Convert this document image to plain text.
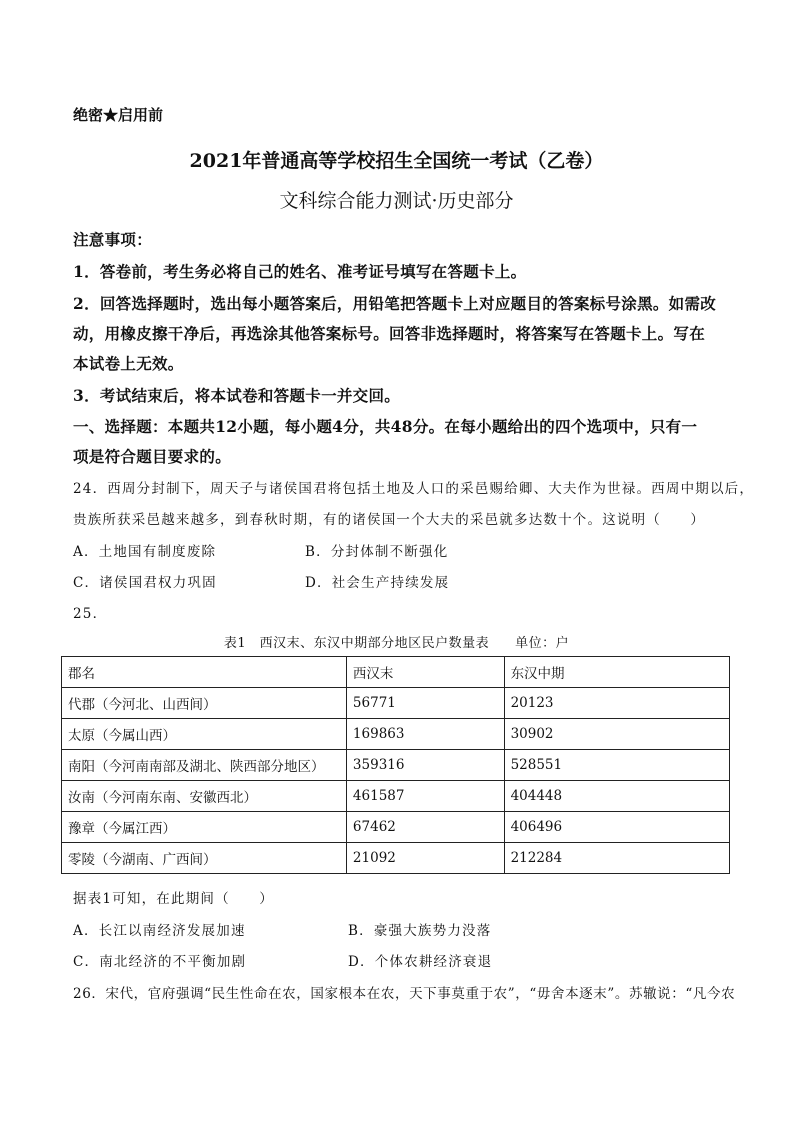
绝密★启用前
2021年普通高等学校招生全国统一考试（乙卷）
文科综合能力测试·历史部分
注意事项：
1．答卷前，考生务必将自己的姓名、准考证号填写在答题卡上。
2．回答选择题时，选出每小题答案后，用铅笔把答题卡上对应题目的答案标号涂黑。如需改
动，用橡皮擦干净后，再选涂其他答案标号。回答非选择题时，将答案写在答题卡上。写在
本试卷上无效。
3．考试结束后，将本试卷和答题卡一并交回。
一、选择题：本题共12小题，每小题4分，共48分。在每小题给出的四个选项中，只有一
项是符合题目要求的。
24．西周分封制下，周天子与诸侯国君将包括土地及人口的采邑赐给卿、大夫作为世禄。西周中期以后，
贵族所获采邑越来越多，到春秋时期，有的诸侯国一个大夫的采邑就多达数十个。这说明（　　）
A．土地国有制度废除	B．分封体制不断强化
C．诸侯国君权力巩固	D．社会生产持续发展
25．
表1　西汉末、东汉中期部分地区民户数量表 单位：户
郡名	西汉末	东汉中期
代郡（今河北、山西间）	56771	20123
太原（今属山西）	169863	30902
南阳（今河南南部及湖北、陕西部分地区）	359316	528551
汝南（今河南东南、安徽西北）	461587	404448
豫章（今属江西）	67462	406496
零陵（今湖南、广西间）	21092	212284
据表1可知，在此期间（　　）
A．长江以南经济发展加速	B．豪强大族势力没落
C．南北经济的不平衡加剧	D．个体农耕经济衰退
26．宋代，官府强调“民生性命在农，国家根本在农，天下事莫重于农”，“毋舍本逐末”。苏辙说：“凡今农
